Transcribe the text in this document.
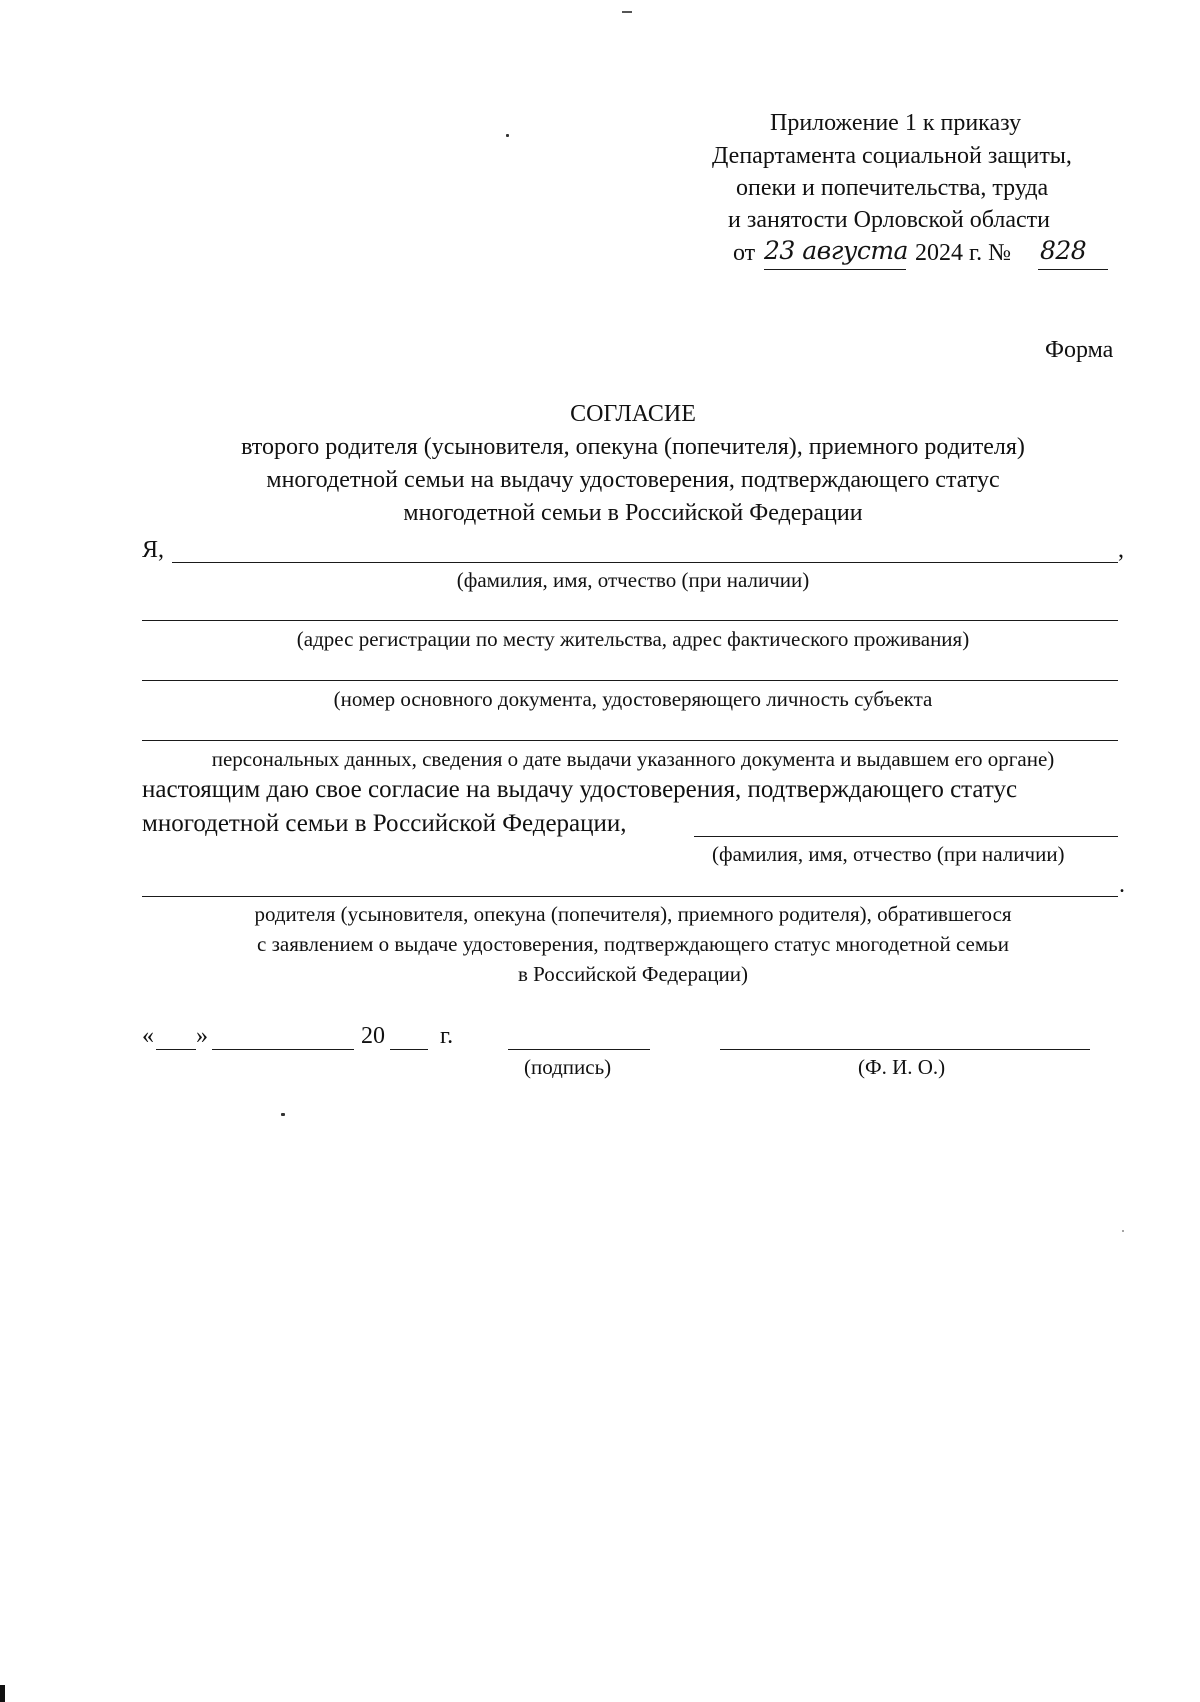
Приложение 1 к приказу
Департамента социальной защиты,
опеки и попечительства, труда
и занятости Орловской области
от 23 августа 2024 г. № 828
Форма
СОГЛАСИЕ
второго родителя (усыновителя, опекуна (попечителя), приемного родителя)
многодетной семьи на выдачу удостоверения, подтверждающего статус
многодетной семьи в Российской Федерации
Я,	,
(фамилия, имя, отчество (при наличии)
(адрес регистрации по месту жительства, адрес фактического проживания)
(номер основного документа, удостоверяющего личность субъекта
персональных данных, сведения о дате выдачи указанного документа и выдавшем его органе)
настоящим даю свое согласие на выдачу удостоверения, подтверждающего статус
многодетной семьи в Российской Федерации,
(фамилия, имя, отчество (при наличии)
.
родителя (усыновителя, опекуна (попечителя), приемного родителя), обратившегося
с заявлением о выдаче удостоверения, подтверждающего статус многодетной семьи
в Российской Федерации)
« »	20 г.
(подпись)	(Ф. И. О.)
